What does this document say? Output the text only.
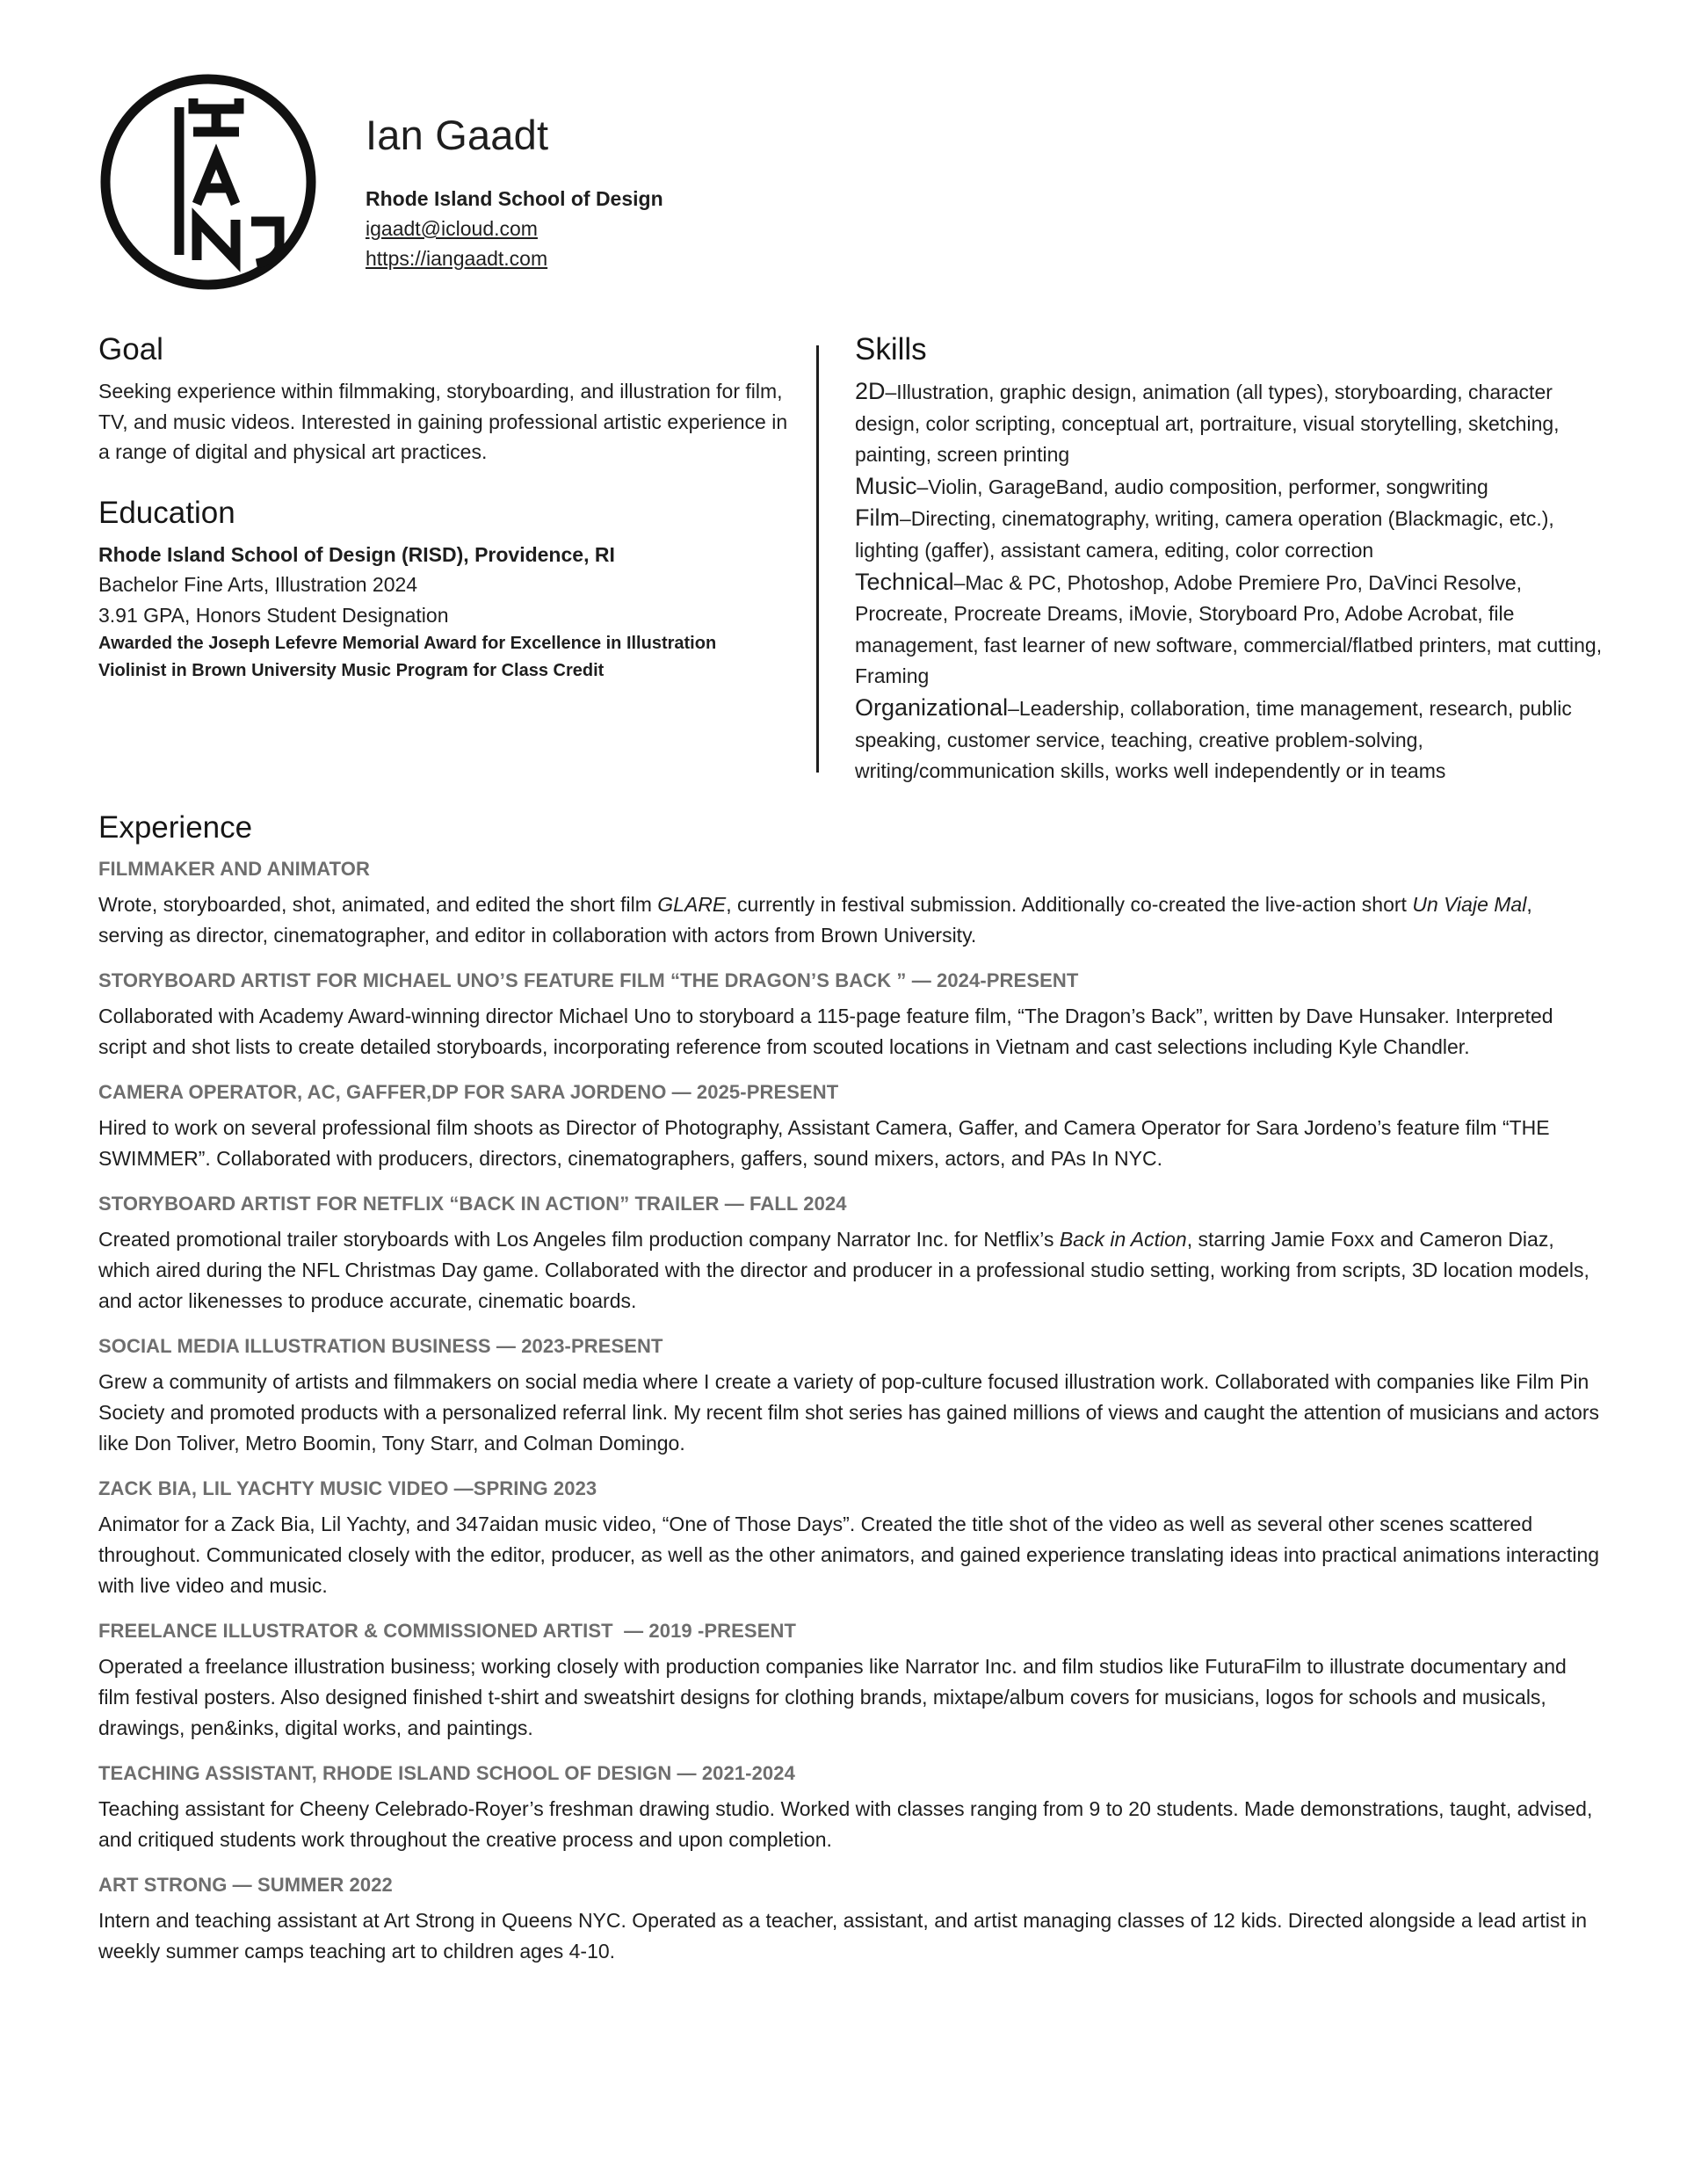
Ian Gaadt
Rhode Island School of Design
igaadt@icloud.com
https://iangaadt.com
Goal

Seeking experience within filmmaking, storyboarding, and illustration for film, TV, and music videos. Interested in gaining professional artistic experience in a range of digital and physical art practices.

Education

Rhode Island School of Design (RISD), Providence, RI

Bachelor Fine Arts, Illustration 2024

3.91 GPA, Honors Student Designation

Awarded the Joseph Lefevre Memorial Award for Excellence in Illustration

Violinist in Brown University Music Program for Class Credit

Skills

2D–Illustration, graphic design, animation (all types), storyboarding, character design, color scripting, conceptual art, portraiture, visual storytelling, sketching, painting, screen printing

Music–Violin, GarageBand, audio composition, performer, songwriting

Film–Directing, cinematography, writing, camera operation (Blackmagic, etc.), lighting (gaffer), assistant camera, editing, color correction

Technical–Mac & PC, Photoshop, Adobe Premiere Pro, DaVinci Resolve, Procreate, Procreate Dreams, iMovie, Storyboard Pro, Adobe Acrobat, file management, fast learner of new software, commercial/flatbed printers, mat cutting, Framing

Organizational–Leadership, collaboration, time management, research, public speaking, customer service, teaching, creative problem-solving, writing/communication skills, works well independently or in teams

Experience
FILMMAKER AND ANIMATOR

Wrote, storyboarded, shot, animated, and edited the short film GLARE, currently in festival submission. Additionally co-created the live-action short Un Viaje Mal, serving as director, cinematographer, and editor in collaboration with actors from Brown University.

STORYBOARD ARTIST FOR MICHAEL UNO’S FEATURE FILM “THE DRAGON’S BACK ” — 2024-PRESENT

Collaborated with Academy Award-winning director Michael Uno to storyboard a 115-page feature film, “The Dragon’s Back”, written by Dave Hunsaker. Interpreted script and shot lists to create detailed storyboards, incorporating reference from scouted locations in Vietnam and cast selections including Kyle Chandler.

CAMERA OPERATOR, AC, GAFFER,DP FOR SARA JORDENO — 2025-PRESENT

Hired to work on several professional film shoots as Director of Photography, Assistant Camera, Gaffer, and Camera Operator for Sara Jordeno’s feature film “THE SWIMMER”. Collaborated with producers, directors, cinematographers, gaffers, sound mixers, actors, and PAs In NYC.

STORYBOARD ARTIST FOR NETFLIX “BACK IN ACTION” TRAILER — FALL 2024

Created promotional trailer storyboards with Los Angeles film production company Narrator Inc. for Netflix’s Back in Action, starring Jamie Foxx and Cameron Diaz, which aired during the NFL Christmas Day game. Collaborated with the director and producer in a professional studio setting, working from scripts, 3D location models, and actor likenesses to produce accurate, cinematic boards.

SOCIAL MEDIA ILLUSTRATION BUSINESS — 2023-PRESENT

Grew a community of artists and filmmakers on social media where I create a variety of pop-culture focused illustration work. Collaborated with companies like Film Pin Society and promoted products with a personalized referral link. My recent film shot series has gained millions of views and caught the attention of musicians and actors like Don Toliver, Metro Boomin, Tony Starr, and Colman Domingo.

ZACK BIA, LIL YACHTY MUSIC VIDEO —SPRING 2023

Animator for a Zack Bia, Lil Yachty, and 347aidan music video, “One of Those Days”. Created the title shot of the video as well as several other scenes scattered throughout. Communicated closely with the editor, producer, as well as the other animators, and gained experience translating ideas into practical animations interacting with live video and music.

FREELANCE ILLUSTRATOR & COMMISSIONED ARTIST  — 2019 -PRESENT

Operated a freelance illustration business; working closely with production companies like Narrator Inc. and film studios like FuturaFilm to illustrate documentary and film festival posters. Also designed finished t-shirt and sweatshirt designs for clothing brands, mixtape/album covers for musicians, logos for schools and musicals, drawings, pen&inks, digital works, and paintings.

TEACHING ASSISTANT, RHODE ISLAND SCHOOL OF DESIGN — 2021-2024

Teaching assistant for Cheeny Celebrado-Royer’s freshman drawing studio. Worked with classes ranging from 9 to 20 students. Made demonstrations, taught, advised, and critiqued students work throughout the creative process and upon completion.

ART STRONG — SUMMER 2022

Intern and teaching assistant at Art Strong in Queens NYC. Operated as a teacher, assistant, and artist managing classes of 12 kids. Directed alongside a lead artist in weekly summer camps teaching art to children ages 4-10.
